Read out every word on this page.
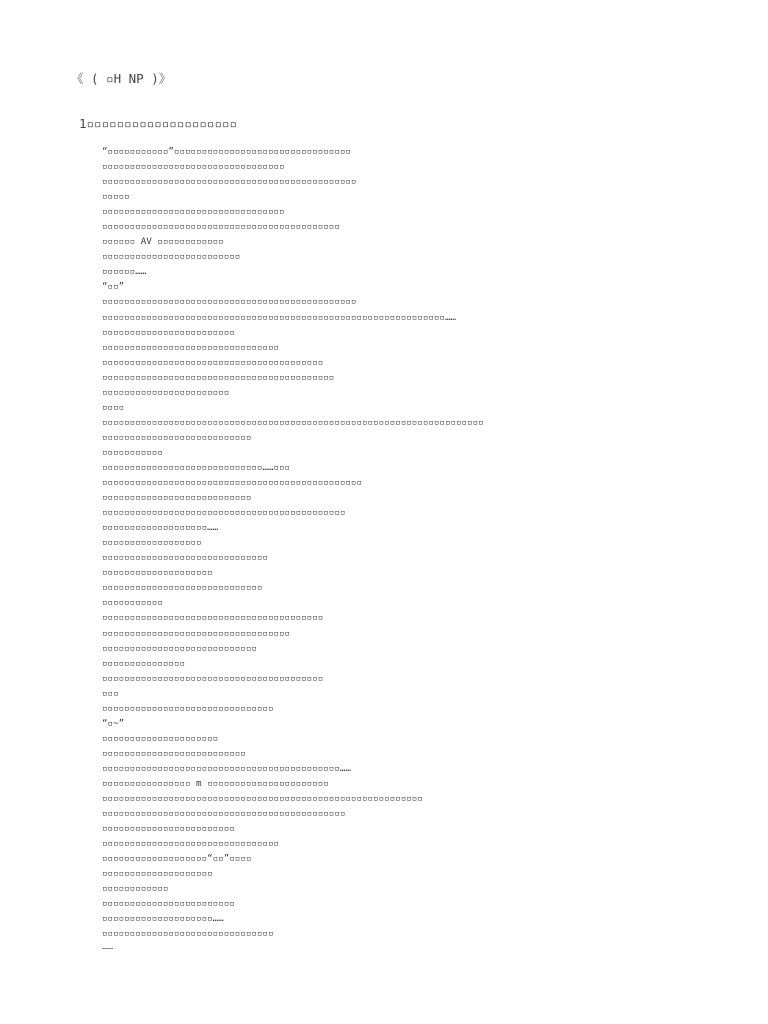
《 ( ▫H NP )》
1▫▫▫▫▫▫▫▫▫▫▫▫▫▫▫▫▫▫▫▫
“▫▫▫▫▫▫▫▫▫▫▫”▫▫▫▫▫▫▫▫▫▫▫▫▫▫▫▫▫▫▫▫▫▫▫▫▫▫▫▫▫▫▫▫
▫▫▫▫▫▫▫▫▫▫▫▫▫▫▫▫▫▫▫▫▫▫▫▫▫▫▫▫▫▫▫▫▫
▫▫▫▫▫▫▫▫▫▫▫▫▫▫▫▫▫▫▫▫▫▫▫▫▫▫▫▫▫▫▫▫▫▫▫▫▫▫▫▫▫▫▫▫▫▫
▫▫▫▫▫
▫▫▫▫▫▫▫▫▫▫▫▫▫▫▫▫▫▫▫▫▫▫▫▫▫▫▫▫▫▫▫▫▫
▫▫▫▫▫▫▫▫▫▫▫▫▫▫▫▫▫▫▫▫▫▫▫▫▫▫▫▫▫▫▫▫▫▫▫▫▫▫▫▫▫▫▫
▫▫▫▫▫▫ AV ▫▫▫▫▫▫▫▫▫▫▫▫
▫▫▫▫▫▫▫▫▫▫▫▫▫▫▫▫▫▫▫▫▫▫▫▫▫
▫▫▫▫▫▫……
“▫▫”
▫▫▫▫▫▫▫▫▫▫▫▫▫▫▫▫▫▫▫▫▫▫▫▫▫▫▫▫▫▫▫▫▫▫▫▫▫▫▫▫▫▫▫▫▫▫
▫▫▫▫▫▫▫▫▫▫▫▫▫▫▫▫▫▫▫▫▫▫▫▫▫▫▫▫▫▫▫▫▫▫▫▫▫▫▫▫▫▫▫▫▫▫▫▫▫▫▫▫▫▫▫▫▫▫▫▫▫▫……
▫▫▫▫▫▫▫▫▫▫▫▫▫▫▫▫▫▫▫▫▫▫▫▫
▫▫▫▫▫▫▫▫▫▫▫▫▫▫▫▫▫▫▫▫▫▫▫▫▫▫▫▫▫▫▫▫
▫▫▫▫▫▫▫▫▫▫▫▫▫▫▫▫▫▫▫▫▫▫▫▫▫▫▫▫▫▫▫▫▫▫▫▫▫▫▫▫
▫▫▫▫▫▫▫▫▫▫▫▫▫▫▫▫▫▫▫▫▫▫▫▫▫▫▫▫▫▫▫▫▫▫▫▫▫▫▫▫▫▫
▫▫▫▫▫▫▫▫▫▫▫▫▫▫▫▫▫▫▫▫▫▫▫
▫▫▫▫
▫▫▫▫▫▫▫▫▫▫▫▫▫▫▫▫▫▫▫▫▫▫▫▫▫▫▫▫▫▫▫▫▫▫▫▫▫▫▫▫▫▫▫▫▫▫▫▫▫▫▫▫▫▫▫▫▫▫▫▫▫▫▫▫▫▫▫▫▫
▫▫▫▫▫▫▫▫▫▫▫▫▫▫▫▫▫▫▫▫▫▫▫▫▫▫▫
▫▫▫▫▫▫▫▫▫▫▫
▫▫▫▫▫▫▫▫▫▫▫▫▫▫▫▫▫▫▫▫▫▫▫▫▫▫▫▫▫……▫▫▫
▫▫▫▫▫▫▫▫▫▫▫▫▫▫▫▫▫▫▫▫▫▫▫▫▫▫▫▫▫▫▫▫▫▫▫▫▫▫▫▫▫▫▫▫▫▫▫
▫▫▫▫▫▫▫▫▫▫▫▫▫▫▫▫▫▫▫▫▫▫▫▫▫▫▫
▫▫▫▫▫▫▫▫▫▫▫▫▫▫▫▫▫▫▫▫▫▫▫▫▫▫▫▫▫▫▫▫▫▫▫▫▫▫▫▫▫▫▫▫
▫▫▫▫▫▫▫▫▫▫▫▫▫▫▫▫▫▫▫……
▫▫▫▫▫▫▫▫▫▫▫▫▫▫▫▫▫▫
▫▫▫▫▫▫▫▫▫▫▫▫▫▫▫▫▫▫▫▫▫▫▫▫▫▫▫▫▫▫
▫▫▫▫▫▫▫▫▫▫▫▫▫▫▫▫▫▫▫▫
▫▫▫▫▫▫▫▫▫▫▫▫▫▫▫▫▫▫▫▫▫▫▫▫▫▫▫▫▫
▫▫▫▫▫▫▫▫▫▫▫
▫▫▫▫▫▫▫▫▫▫▫▫▫▫▫▫▫▫▫▫▫▫▫▫▫▫▫▫▫▫▫▫▫▫▫▫▫▫▫▫
▫▫▫▫▫▫▫▫▫▫▫▫▫▫▫▫▫▫▫▫▫▫▫▫▫▫▫▫▫▫▫▫▫▫
▫▫▫▫▫▫▫▫▫▫▫▫▫▫▫▫▫▫▫▫▫▫▫▫▫▫▫▫
▫▫▫▫▫▫▫▫▫▫▫▫▫▫▫
▫▫▫▫▫▫▫▫▫▫▫▫▫▫▫▫▫▫▫▫▫▫▫▫▫▫▫▫▫▫▫▫▫▫▫▫▫▫▫▫
▫▫▫
▫▫▫▫▫▫▫▫▫▫▫▫▫▫▫▫▫▫▫▫▫▫▫▫▫▫▫▫▫▫▫
“▫~”
▫▫▫▫▫▫▫▫▫▫▫▫▫▫▫▫▫▫▫▫▫
▫▫▫▫▫▫▫▫▫▫▫▫▫▫▫▫▫▫▫▫▫▫▫▫▫▫
▫▫▫▫▫▫▫▫▫▫▫▫▫▫▫▫▫▫▫▫▫▫▫▫▫▫▫▫▫▫▫▫▫▫▫▫▫▫▫▫▫▫▫……
▫▫▫▫▫▫▫▫▫▫▫▫▫▫▫▫ m ▫▫▫▫▫▫▫▫▫▫▫▫▫▫▫▫▫▫▫▫▫▫
▫▫▫▫▫▫▫▫▫▫▫▫▫▫▫▫▫▫▫▫▫▫▫▫▫▫▫▫▫▫▫▫▫▫▫▫▫▫▫▫▫▫▫▫▫▫▫▫▫▫▫▫▫▫▫▫▫▫
▫▫▫▫▫▫▫▫▫▫▫▫▫▫▫▫▫▫▫▫▫▫▫▫▫▫▫▫▫▫▫▫▫▫▫▫▫▫▫▫▫▫▫▫
▫▫▫▫▫▫▫▫▫▫▫▫▫▫▫▫▫▫▫▫▫▫▫▫
▫▫▫▫▫▫▫▫▫▫▫▫▫▫▫▫▫▫▫▫▫▫▫▫▫▫▫▫▫▫▫▫
▫▫▫▫▫▫▫▫▫▫▫▫▫▫▫▫▫▫▫“▫▫”▫▫▫▫
▫▫▫▫▫▫▫▫▫▫▫▫▫▫▫▫▫▫▫▫
▫▫▫▫▫▫▫▫▫▫▫▫
▫▫▫▫▫▫▫▫▫▫▫▫▫▫▫▫▫▫▫▫▫▫▫▫
▫▫▫▫▫▫▫▫▫▫▫▫▫▫▫▫▫▫▫▫……
▫▫▫▫▫▫▫▫▫▫▫▫▫▫▫▫▫▫▫▫▫▫▫▫▫▫▫▫▫▫▫
——
